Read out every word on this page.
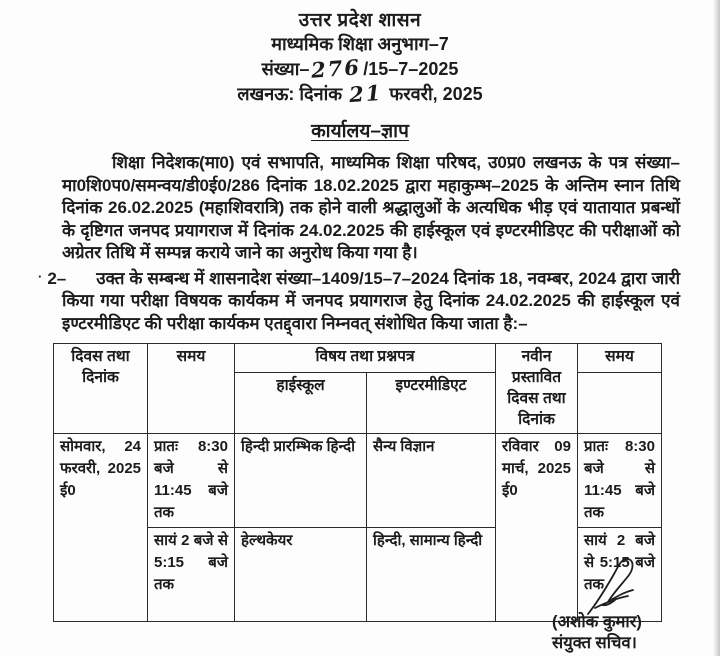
उत्तर प्रदेश शासन
माध्यमिक शिक्षा अनुभाग–7
संख्या–276/15–7–2025
लखनऊ: दिनांक 21 फरवरी, 2025
कार्यालय–ज्ञाप
शिक्षा निदेशक(मा0) एवं सभापति, माध्यमिक शिक्षा परिषद, उ0प्र0 लखनऊ के पत्र संख्या–मा0शि0प0/समन्वय/डी0ई0/286 दिनांक 18.02.2025 द्वारा महाकुम्भ–2025 के अन्तिम स्नान तिथि दिनांक 26.02.2025 (महाशिवरात्रि) तक होने वाली श्रद्धालुओं के अत्यधिक भीड़ एवं यातायात प्रबन्धों के दृष्टिगत जनपद प्रयागराज में दिनांक 24.02.2025 की हाईस्कूल एवं इण्टरमीडिएट की परीक्षाओं को अग्रेतर तिथि में सम्पन्न कराये जाने का अनुरोध किया गया है।
· 2– उक्त के सम्बन्ध में शासनादेश संख्या–1409/15–7–2024 दिनांक 18, नवम्बर, 2024 द्वारा जारी किया गया परीक्षा विषयक कार्यकम में जनपद प्रयागराज हेतु दिनांक 24.02.2025 की हाईस्कूल एवं इण्टरमीडिएट की परीक्षा कार्यकम एतद्द्वारा निम्नवत् संशोधित किया जाता है:–
दिवस तथा दिनांक	समय	विषय तथा प्रश्नपत्र		नवीन प्रस्तावित दिवस तथा दिनांक	समय
		हाईस्कूल	इण्टरमीडिएट		
सोमवार, 24 फरवरी, 2025 ई0	प्रातः 8:30 बजे से 11:45 बजे तक	हिन्दी प्रारम्भिक हिन्दी	सैन्य विज्ञान	रविवार 09 मार्च, 2025 ई0	प्रातः 8:30 बजे से 11:45 बजे तक
	सायं 2 बजे से 5:15 बजे तक	हेल्थकेयर	हिन्दी, सामान्य हिन्दी		सायं 2 बजे से 5:15 बजे तक
(अशोक कुमार)
संयुक्त सचिव।
